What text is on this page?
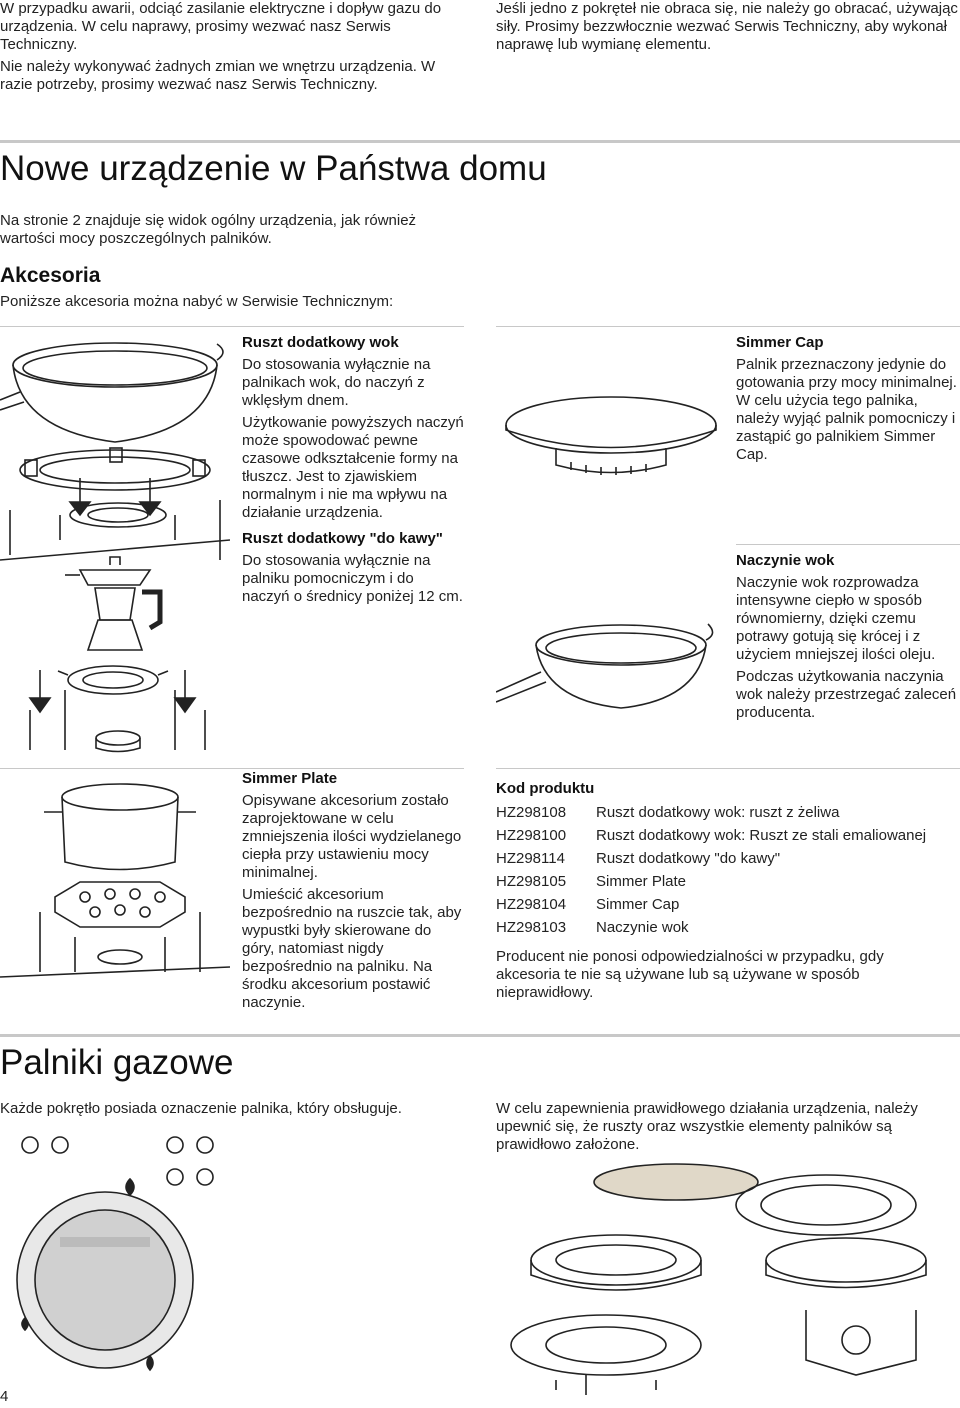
W przypadku awarii, odciąć zasilanie elektryczne i dopływ gazu do urządzenia. W celu naprawy, prosimy wezwać nasz Serwis Techniczny.

Nie należy wykonywać żadnych zmian we wnętrzu urządzenia. W razie potrzeby, prosimy wezwać nasz Serwis Techniczny.

Jeśli jedno z pokręteł nie obraca się, nie należy go obracać, używając siły. Prosimy bezzwłocznie wezwać Serwis Techniczny, aby wykonał naprawę lub wymianę elementu.

Nowe urządzenie w Państwa domu

Na stronie 2 znajduje się widok ogólny urządzenia, jak również wartości mocy poszczególnych palników.

Akcesoria

Poniższe akcesoria można nabyć w Serwisie Technicznym:

Ruszt dodatkowy wok

Do stosowania wyłącznie na palnikach wok, do naczyń z wklęsłym dnem.

Użytkowanie powyższych naczyń może spowodować pewne czasowe odkształcenie formy na tłuszcz. Jest to zjawiskiem normalnym i nie ma wpływu na działanie urządzenia.

Ruszt dodatkowy "do kawy"

Do stosowania wyłącznie na palniku pomocniczym i do naczyń o średnicy poniżej 12 cm.

Simmer Cap

Palnik przeznaczony jedynie do gotowania przy mocy minimalnej. W celu użycia tego palnika, należy wyjąć palnik pomocniczy i zastąpić go palnikiem Simmer Cap.

Naczynie wok

Naczynie wok rozprowadza intensywne ciepło w sposób równomierny, dzięki czemu potrawy gotują się krócej i z użyciem mniejszej ilości oleju.

Podczas użytkowania naczynia wok należy przestrzegać zaleceń producenta.

Simmer Plate

Opisywane akcesorium zostało zaprojektowane w celu zmniejszenia ilości wydzielanego ciepła przy ustawieniu mocy minimalnej.

Umieścić akcesorium bezpośrednio na ruszcie tak, aby wypustki były skierowane do góry, natomiast nigdy bezpośrednio na palniku. Na środku akcesorium postawić naczynie.

Kod produktu
HZ298108	Ruszt dodatkowy wok: ruszt z żeliwa
HZ298100	Ruszt dodatkowy wok: Ruszt ze stali emaliowanej
HZ298114	Ruszt dodatkowy "do kawy"
HZ298105	Simmer Plate
HZ298104	Simmer Cap
HZ298103	Naczynie wok

Producent nie ponosi odpowiedzialności w przypadku, gdy akcesoria te nie są używane lub są używane w sposób nieprawidłowy.

Palniki gazowe

Każde pokrętło posiada oznaczenie palnika, który obsługuje.	W celu zapewnienia prawidłowego działania urządzenia, należy upewnić się, że ruszty oraz wszystkie elementy palników są prawidłowo założone.

4
